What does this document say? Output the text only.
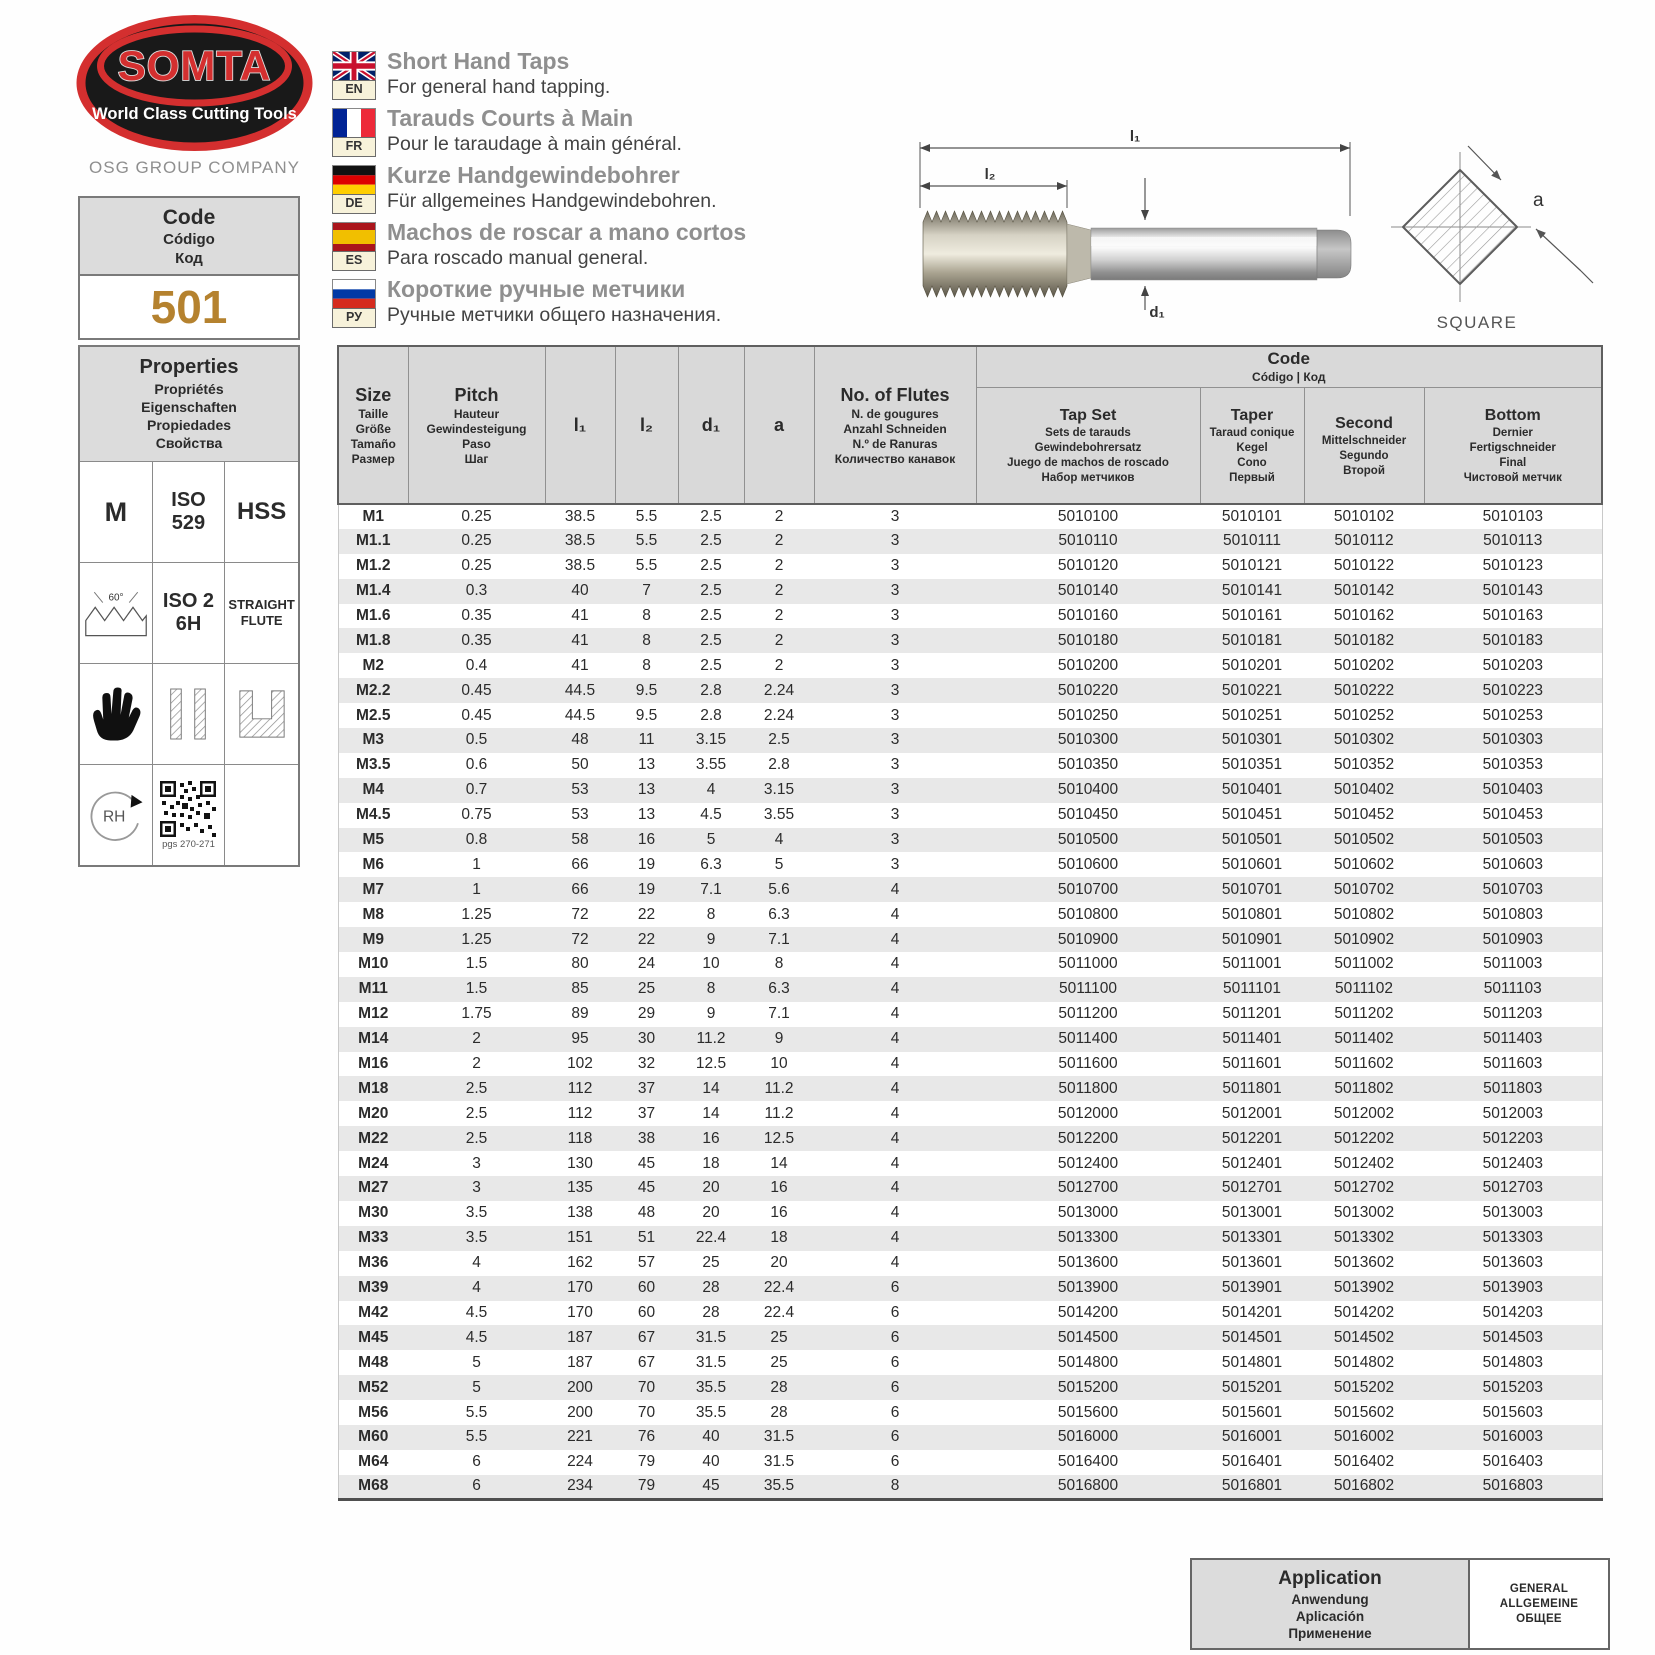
SOMTA
World Class Cutting Tools
OSG GROUP COMPANY
Code
Código
Код
501
EN
Short Hand Taps
For general hand tapping.
FR
Tarauds Courts à Main
Pour le taraudage à main général.
DE
Kurze Handgewindebohrer
Für allgemeines Handgewindebohren.
ES
Machos de roscar a mano cortos
Para roscado manual general.
РУ
Короткие ручные метчики
Ручные метчики общего назначения.
l₁
l₂
d₁
a
SQUARE
Properties
Propriétés
Eigenschaften
Propiedades
Свойства
M ISO
529 HSS
60° ISO 2
6H
STRAIGHT
FLUTE
RH
pgs 270-271
Size
Taille
Größe
Tamaño
Размер

Pitch
Hauteur
Gewindesteigung
Paso
Шаг
	l₁	l₂	d₁	a	
No. of Flutes
N. de gougures
Anzahl Schneiden
N.º de Ranuras
Количество канавок

Code
Código | Код

Tap Set
Sets de tarauds
Gewindebohrersatz
Juego de machos de roscado
Набор метчиков

Taper
Taraud conique
Kegel
Cono
Первый

Second
Mittelschneider
Segundo
Второй

Bottom
Dernier
Fertigschneider
Final
Чистовой метчик

M1	0.25	38.5	5.5	2.5	2	3	5010100	5010101	5010102	5010103
M1.1	0.25	38.5	5.5	2.5	2	3	5010110	5010111	5010112	5010113
M1.2	0.25	38.5	5.5	2.5	2	3	5010120	5010121	5010122	5010123
M1.4	0.3	40	7	2.5	2	3	5010140	5010141	5010142	5010143
M1.6	0.35	41	8	2.5	2	3	5010160	5010161	5010162	5010163
M1.8	0.35	41	8	2.5	2	3	5010180	5010181	5010182	5010183
M2	0.4	41	8	2.5	2	3	5010200	5010201	5010202	5010203
M2.2	0.45	44.5	9.5	2.8	2.24	3	5010220	5010221	5010222	5010223
M2.5	0.45	44.5	9.5	2.8	2.24	3	5010250	5010251	5010252	5010253
M3	0.5	48	11	3.15	2.5	3	5010300	5010301	5010302	5010303
M3.5	0.6	50	13	3.55	2.8	3	5010350	5010351	5010352	5010353
M4	0.7	53	13	4	3.15	3	5010400	5010401	5010402	5010403
M4.5	0.75	53	13	4.5	3.55	3	5010450	5010451	5010452	5010453
M5	0.8	58	16	5	4	3	5010500	5010501	5010502	5010503
M6	1	66	19	6.3	5	3	5010600	5010601	5010602	5010603
M7	1	66	19	7.1	5.6	4	5010700	5010701	5010702	5010703
M8	1.25	72	22	8	6.3	4	5010800	5010801	5010802	5010803
M9	1.25	72	22	9	7.1	4	5010900	5010901	5010902	5010903
M10	1.5	80	24	10	8	4	5011000	5011001	5011002	5011003
M11	1.5	85	25	8	6.3	4	5011100	5011101	5011102	5011103
M12	1.75	89	29	9	7.1	4	5011200	5011201	5011202	5011203
M14	2	95	30	11.2	9	4	5011400	5011401	5011402	5011403
M16	2	102	32	12.5	10	4	5011600	5011601	5011602	5011603
M18	2.5	112	37	14	11.2	4	5011800	5011801	5011802	5011803
M20	2.5	112	37	14	11.2	4	5012000	5012001	5012002	5012003
M22	2.5	118	38	16	12.5	4	5012200	5012201	5012202	5012203
M24	3	130	45	18	14	4	5012400	5012401	5012402	5012403
M27	3	135	45	20	16	4	5012700	5012701	5012702	5012703
M30	3.5	138	48	20	16	4	5013000	5013001	5013002	5013003
M33	3.5	151	51	22.4	18	4	5013300	5013301	5013302	5013303
M36	4	162	57	25	20	4	5013600	5013601	5013602	5013603
M39	4	170	60	28	22.4	6	5013900	5013901	5013902	5013903
M42	4.5	170	60	28	22.4	6	5014200	5014201	5014202	5014203
M45	4.5	187	67	31.5	25	6	5014500	5014501	5014502	5014503
M48	5	187	67	31.5	25	6	5014800	5014801	5014802	5014803
M52	5	200	70	35.5	28	6	5015200	5015201	5015202	5015203
M56	5.5	200	70	35.5	28	6	5015600	5015601	5015602	5015603
M60	5.5	221	76	40	31.5	6	5016000	5016001	5016002	5016003
M64	6	224	79	40	31.5	6	5016400	5016401	5016402	5016403
M68	6	234	79	45	35.5	8	5016800	5016801	5016802	5016803
Application
Anwendung
Aplicación
Применение
GENERAL
ALLGEMEINE
ОБЩЕЕ
